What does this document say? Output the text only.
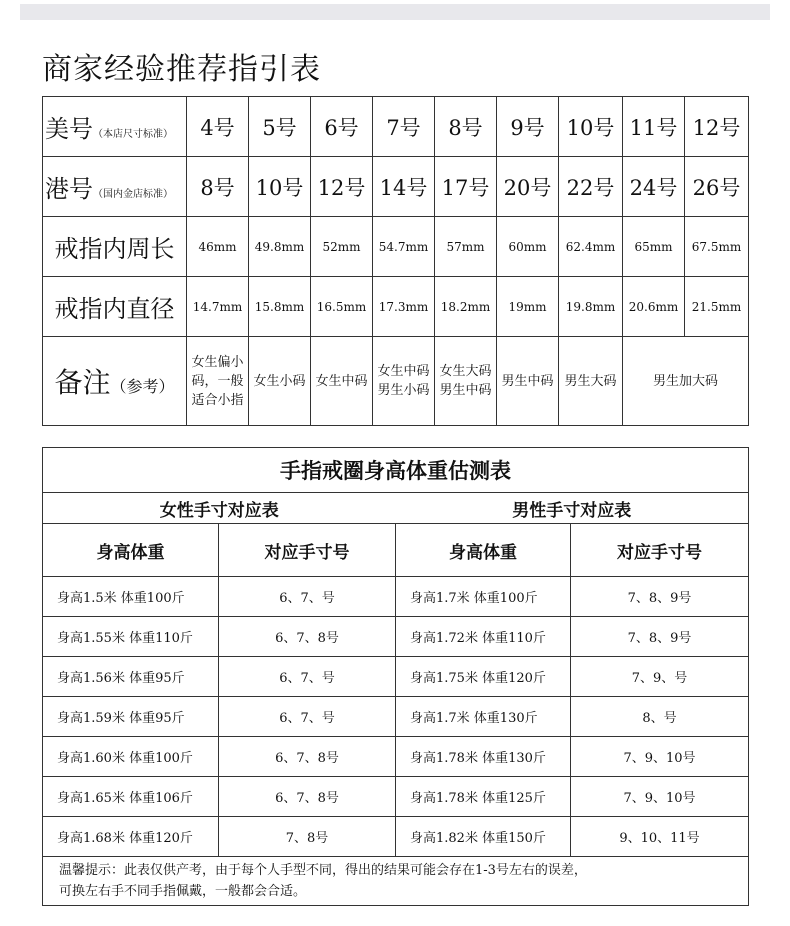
商家经验推荐指引表
美号（本店尺寸标准）	4号	5号	6号	7号	8号	9号	10号	11号	12号
港号（国内金店标准）	8号	10号	12号	14号	17号	20号	22号	24号	26号
戒指内周长	46mm	49.8mm	52mm	54.7mm	57mm	60mm	62.4mm	65mm	67.5mm
戒指内直径	14.7mm	15.8mm	16.5mm	17.3mm	18.2mm	19mm	19.8mm	20.6mm	21.5mm
备注（参考）	女生偏小码，一般适合小指	女生小码	女生中码	女生中码男生小码	女生大码男生中码	男生中码	男生大码	男生加大码	
手指戒圈身高体重估测表			
女性手寸对应表		男性手寸对应表	
身高体重	对应手寸号	身高体重	对应手寸号
身高1.5米 体重100斤	6、7、号	身高1.7米 体重100斤	7、8、9号
身高1.55米 体重110斤	6、7、8号	身高1.72米 体重110斤	7、8、9号
身高1.56米 体重95斤	6、7、号	身高1.75米 体重120斤	7、9、号
身高1.59米 体重95斤	6、7、号	身高1.7米 体重130斤	8、号
身高1.60米 体重100斤	6、7、8号	身高1.78米 体重130斤	7、9、10号
身高1.65米 体重106斤	6、7、8号	身高1.78米 体重125斤	7、9、10号
身高1.68米 体重120斤	7、8号	身高1.82米 体重150斤	9、10、11号

温馨提示：此表仅供产考，由于每个人手型不同，得出的结果可能会存在1-3号左右的误差，
可换左右手不同手指佩戴，一般都会合适。			
